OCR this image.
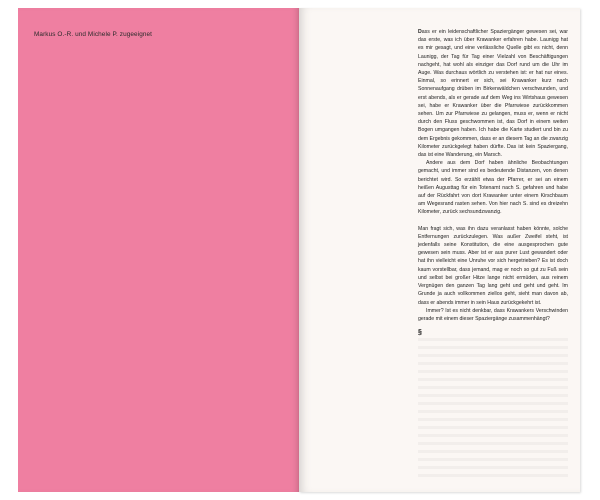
Markus O.-R. und Michele P. zugeeignet	Dass er ein leidenschaftlicher Spaziergänger gewesen sei, war das erste, was ich über Krawanker erfahren habe. Launigg hat es mir gesagt, und eine verlässliche Quelle gibt es nicht, denn Launigg, der Tag für Tag einer Vielzahl von Beschäftigungen nachgeht, hat wohl als einziger das Dorf rund um die Uhr im Auge. Was durchaus wörtlich zu verstehen ist: er hat nur eines. Einmal, so erinnert er sich, sei Krawanker kurz nach Sonnenaufgang drüben im Birkenwäldchen verschwunden, und erst abends, als er gerade auf dem Weg ins Wirtshaus gewesen sei, habe er Krawanker über die Pfarrwiese zurückkommen sehen. Um zur Pfarrwiese zu gelangen, muss er, wenn er nicht durch den Fluss geschwommen ist, das Dorf in einem weiten Bogen umgangen haben. Ich habe die Karte studiert und bin zu dem Ergebnis gekommen, dass er an diesem Tag an die zwanzig Kilometer zurückgelegt haben dürfte. Das ist kein Spaziergang, das ist eine Wanderung, ein Marsch.

Andere aus dem Dorf haben ähnliche Beobachtungen gemacht, und immer sind es bedeutende Distanzen, von denen berichtet wird. So erzählt etwa der Pfarrer, er sei an einem heißen Augusttag für ein Totenamt nach S. gefahren und habe auf der Rückfahrt von dort Krawanker unter einem Kirschbaum am Wegesrand rasten sehen. Von hier nach S. sind es dreizehn Kilometer, zurück sechsundzwanzig.

Man fragt sich, was ihn dazu veranlasst haben könnte, solche Entfernungen zurückzulegen. Was außer Zweifel steht, ist jedenfalls seine Konstitution, die eine ausgesprochen gute gewesen sein muss. Aber ist er aus purer Lust gewandert oder hat ihn vielleicht eine Unruhe vor sich hergetrieben? Es ist doch kaum vorstellbar, dass jemand, mag er noch so gut zu Fuß sein und selbst bei großer Hitze lange nicht ermüden, aus reinem Vergnügen den ganzen Tag lang geht und geht und geht. Im Grunde ja auch vollkommen ziellos geht, sieht man davon ab, dass er abends immer in sein Haus zurückgekehrt ist.

Immer? Ist es nicht denkbar, dass Krawankers Verschwinden gerade mit einem dieser Spaziergänge zusammenhängt?

§
